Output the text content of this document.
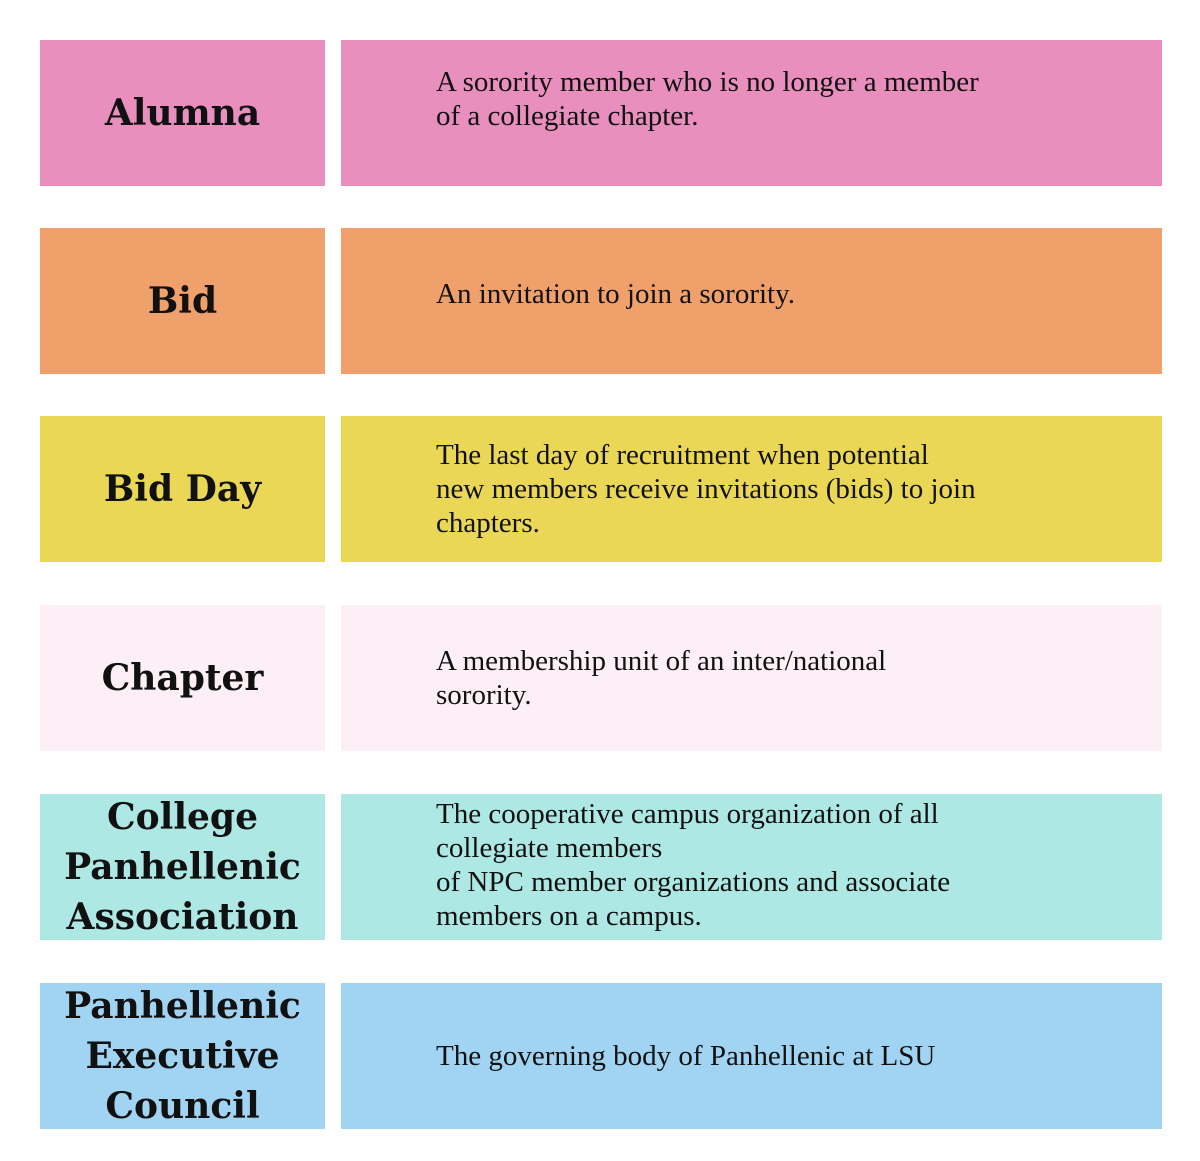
Alumna
A sorority member who is no longer a member
of a collegiate chapter.
Bid	An invitation to join a sorority.
Bid Day
The last day of recruitment when potential
new members receive invitations (bids) to join
chapters.
Chapter	A membership unit of an inter/national
sorority.
College
Panhellenic
Association
The cooperative campus organization of all
collegiate members
of NPC member organizations and associate
members on a campus.
Panhellenic
Executive
Council
The governing body of Panhellenic at LSU
